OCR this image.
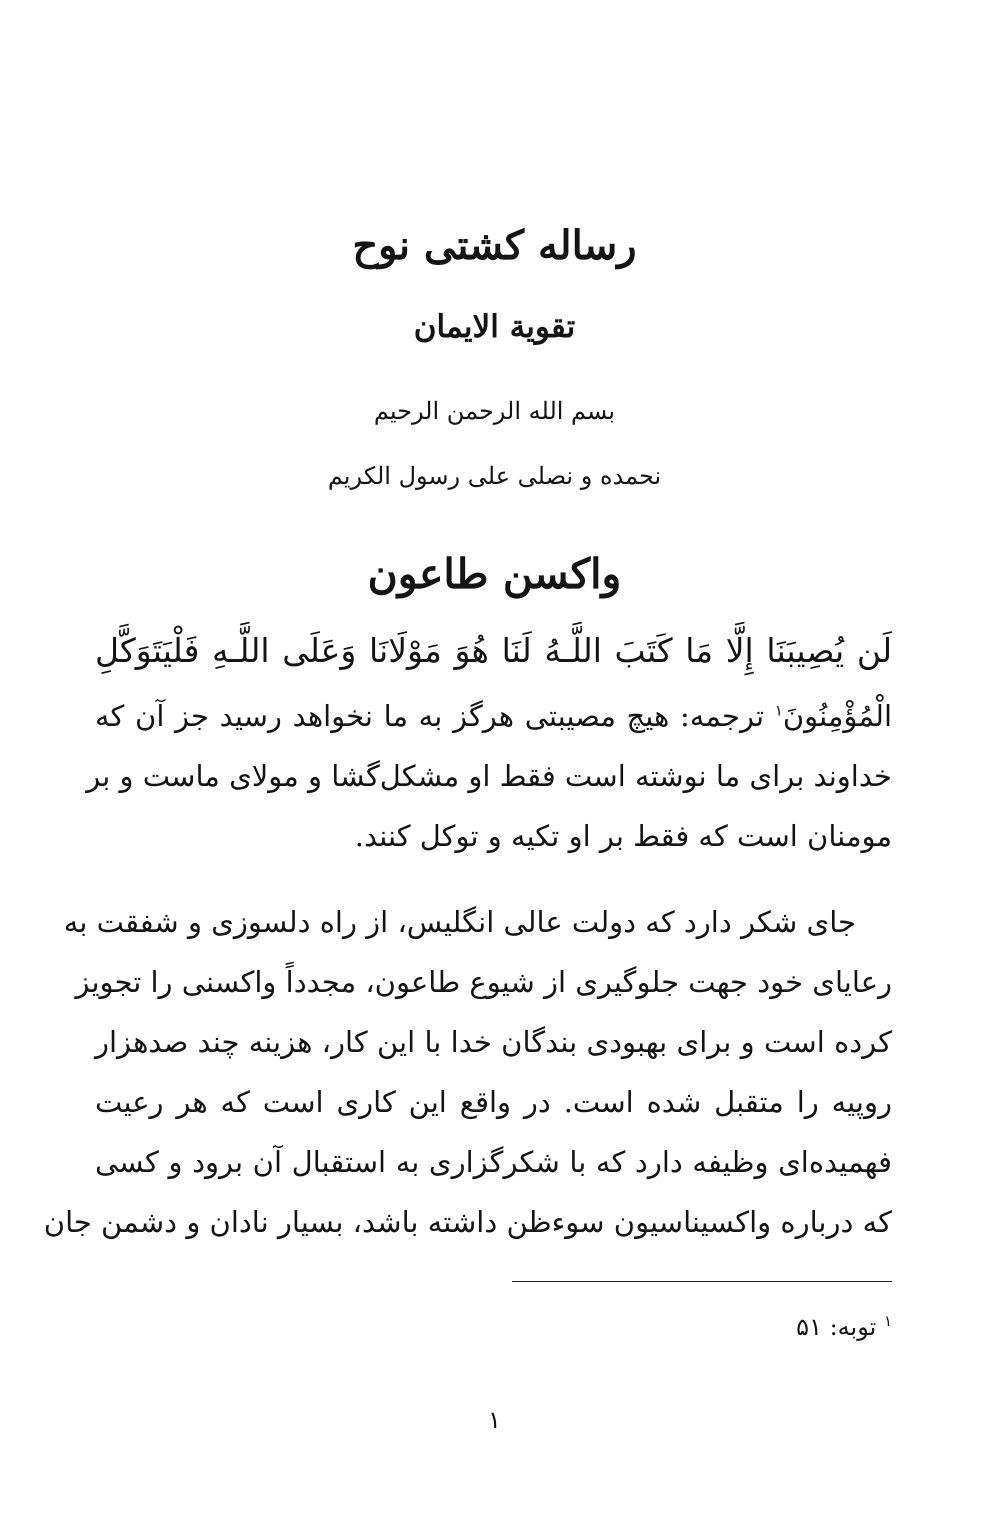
رساله کشتی نوح
تقوية الايمان
بسم الله الرحمن الرحيم
نحمده و نصلی علی رسول الکريم
واکسن طاعون
لَن يُصِيبَنَا إِلَّا مَا كَتَبَ اللَّـهُ لَنَا هُوَ مَوْلَانَا وَعَلَى اللَّـهِ فَلْيَتَوَكَّلِ
الْمُؤْمِنُونَ$^۱$ ترجمه: هيچ مصيبتی هرگز به ما نخواهد رسيد جز آن که
خداوند برای ما نوشته است فقط او مشکل‌گشا و مولای ماست و بر
مومنان است که فقط بر او تکيه و توکل کنند.
جای شکر دارد که دولت عالی انگليس، از راه دلسوزی و شفقت به
رعايای خود جهت جلوگيری از شيوع طاعون، مجدداً واکسنی را تجويز
کرده است و برای بهبودی بندگان خدا با اين کار، هزينه چند صدهزار
روپيه را متقبل شده است. در واقع اين کاری است که هر رعيت
فهميده‌ای وظيفه دارد که با شکرگزاری به استقبال آن برود و کسی
که درباره واکسيناسيون سوءظن داشته باشد، بسيار نادان و دشمن جان
$^۱$ توبه: ۵۱
۱
